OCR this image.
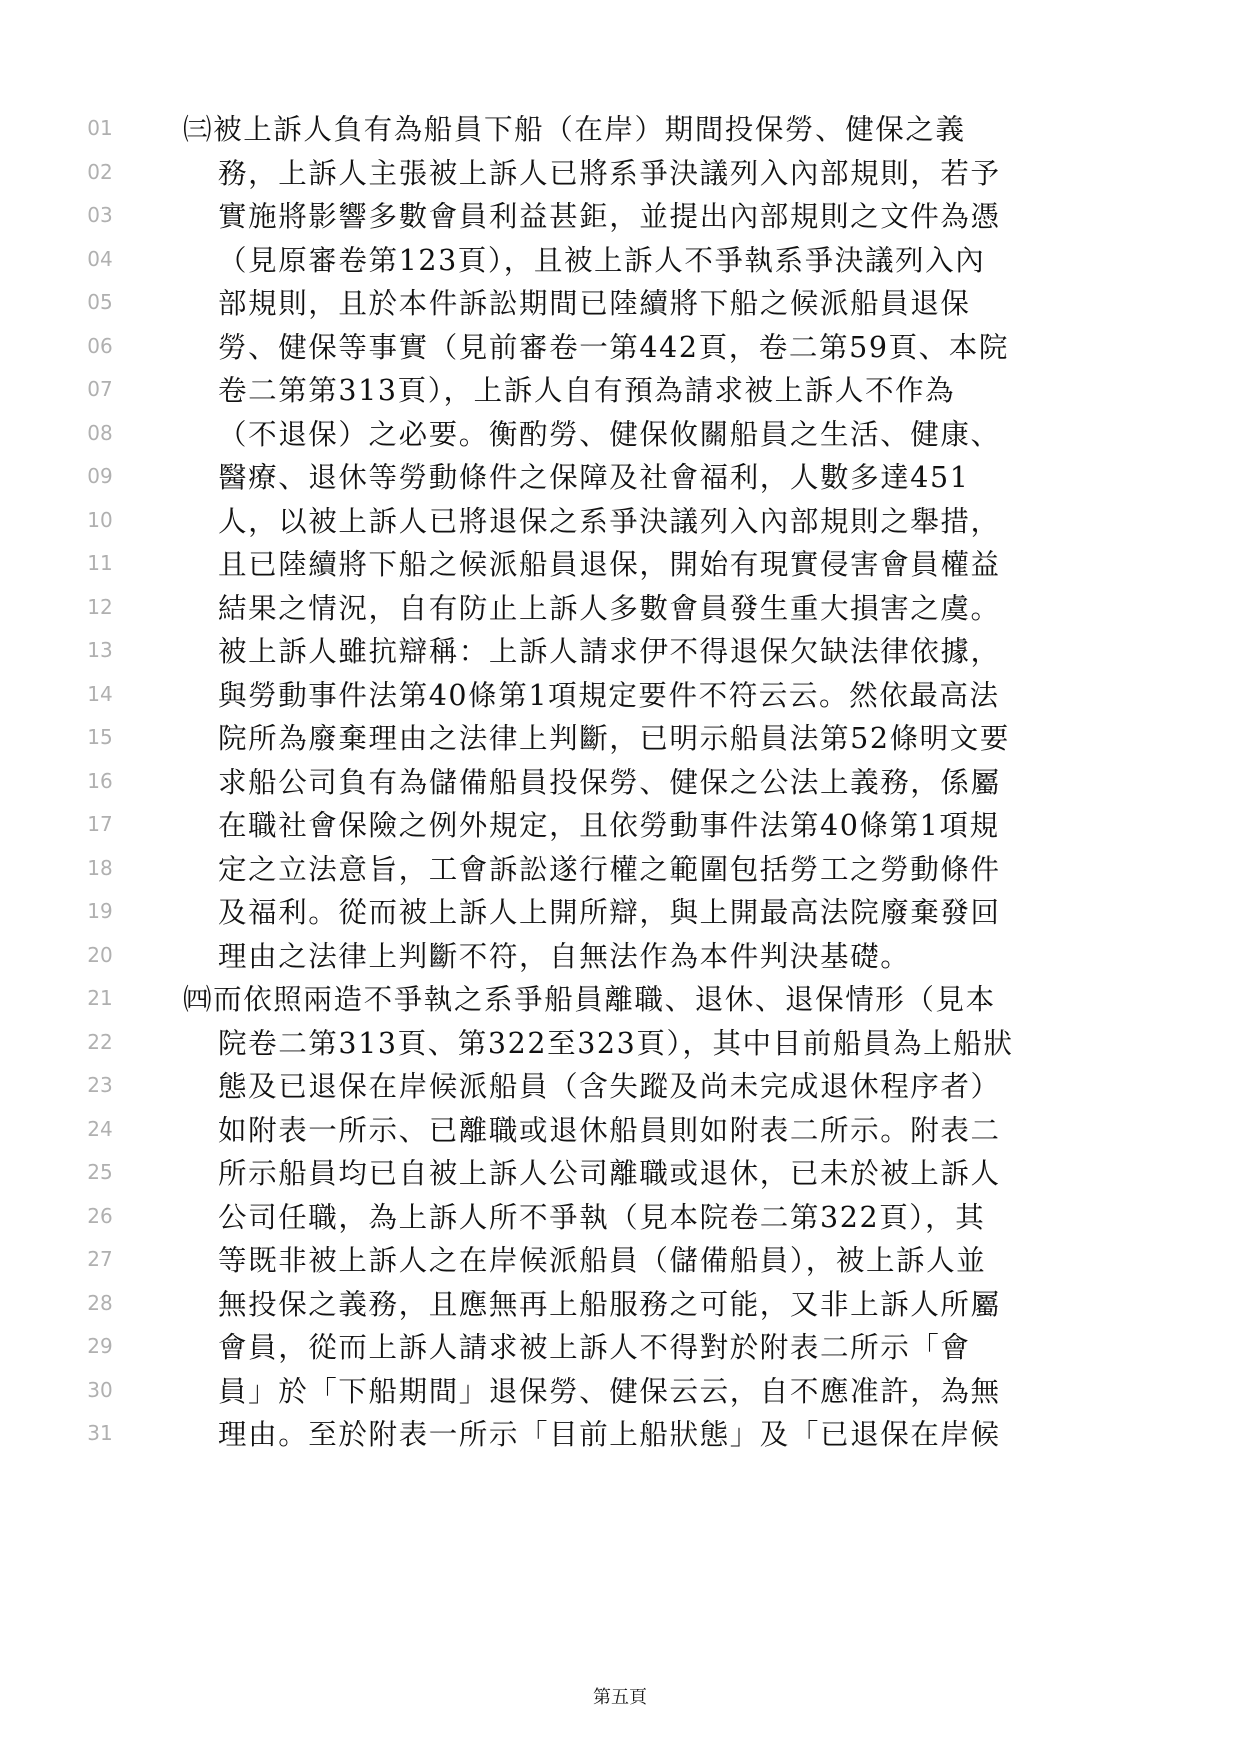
01	㈢被上訴人負有為船員下船（在岸）期間投保勞、健保之義
02	務，上訴人主張被上訴人已將系爭決議列入內部規則，若予
03	實施將影響多數會員利益甚鉅，並提出內部規則之文件為憑
04	（見原審卷第123頁），且被上訴人不爭執系爭決議列入內
05	部規則，且於本件訴訟期間已陸續將下船之候派船員退保
06	勞、健保等事實（見前審卷一第442頁，卷二第59頁、本院
07	卷二第第313頁），上訴人自有預為請求被上訴人不作為
08	（不退保）之必要。衡酌勞、健保攸關船員之生活、健康、
09	醫療、退休等勞動條件之保障及社會福利，人數多達451
10	人，以被上訴人已將退保之系爭決議列入內部規則之舉措，
11	且已陸續將下船之候派船員退保，開始有現實侵害會員權益
12	結果之情況，自有防止上訴人多數會員發生重大損害之虞。
13	被上訴人雖抗辯稱：上訴人請求伊不得退保欠缺法律依據，
14	與勞動事件法第40條第1項規定要件不符云云。然依最高法
15	院所為廢棄理由之法律上判斷，已明示船員法第52條明文要
16	求船公司負有為儲備船員投保勞、健保之公法上義務，係屬
17	在職社會保險之例外規定，且依勞動事件法第40條第1項規
18	定之立法意旨，工會訴訟遂行權之範圍包括勞工之勞動條件
19	及福利。從而被上訴人上開所辯，與上開最高法院廢棄發回
20	理由之法律上判斷不符，自無法作為本件判決基礎。
21	㈣而依照兩造不爭執之系爭船員離職、退休、退保情形（見本
22	院卷二第313頁、第322至323頁），其中目前船員為上船狀
23	態及已退保在岸候派船員（含失蹤及尚未完成退休程序者）
24	如附表一所示、已離職或退休船員則如附表二所示。附表二
25	所示船員均已自被上訴人公司離職或退休，已未於被上訴人
26	公司任職，為上訴人所不爭執（見本院卷二第322頁），其
27	等既非被上訴人之在岸候派船員（儲備船員），被上訴人並
28	無投保之義務，且應無再上船服務之可能，又非上訴人所屬
29	會員，從而上訴人請求被上訴人不得對於附表二所示「會
30	員」於「下船期間」退保勞、健保云云，自不應准許，為無
31	理由。至於附表一所示「目前上船狀態」及「已退保在岸候
第五頁
